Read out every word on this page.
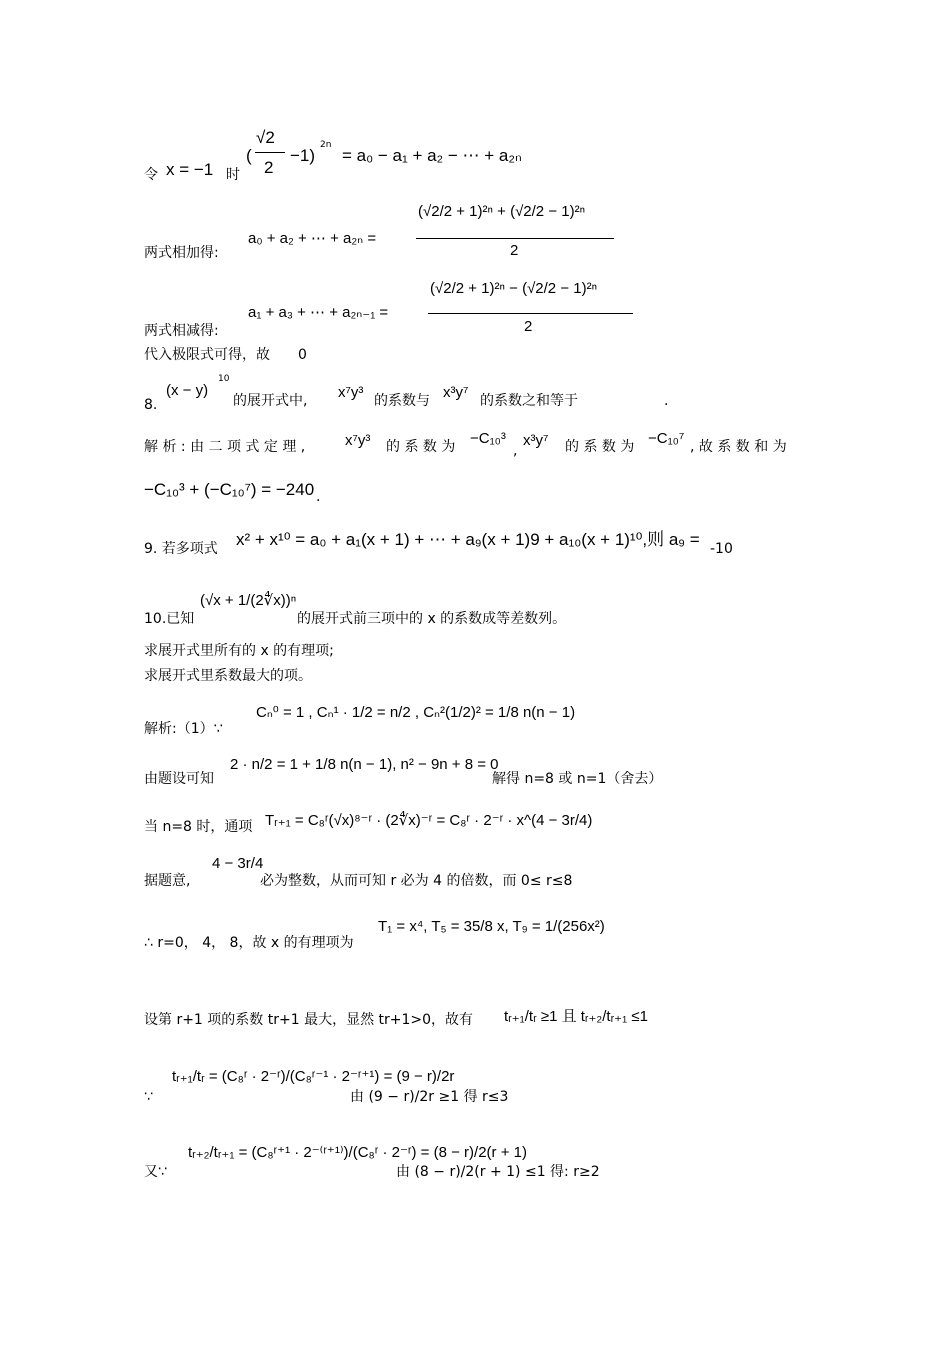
令 x = −1 时
(
√2
2
−1)
2n
= a₀ − a₁ + a₂ − ⋯ + a₂ₙ
两式相加得:
a₀ + a₂ + ⋯ + a₂ₙ =
(√2/2 + 1)²ⁿ + (√2/2 − 1)²ⁿ
2
两式相减得:
a₁ + a₃ + ⋯ + a₂ₙ₋₁ =
(√2/2 + 1)²ⁿ − (√2/2 − 1)²ⁿ
2
代入极限式可得，故 0
8.
(x − y)
10
的展开式中, x⁷y³ 的系数与 x³y⁷ 的系数之和等于	.
解 析 : 由 二 项 式 定 理 ,	x⁷y³ 的 系 数 为 −C₁₀³
,
x³y⁷ 的 系 数 为 −C₁₀⁷ , 故 系 数 和 为
−C₁₀³ + (−C₁₀⁷) = −240 .
9. 若多项式 x² + x¹⁰ = a₀ + a₁(x + 1) + ⋯ + a₉(x + 1)9 + a₁₀(x + 1)¹⁰,则 a₉ = -10
10.已知
(√x + 1/(2∜x))ⁿ
的展开式前三项中的 x 的系数成等差数列。
求展开式里所有的 x 的有理项;
求展开式里系数最大的项。
解析:（1）∵
Cₙ⁰ = 1 , Cₙ¹ · 1/2 = n/2 , Cₙ²(1/2)² = 1/8 n(n − 1)
由题设可知
2 · n/2 = 1 + 1/8 n(n − 1), n² − 9n + 8 = 0
解得 n=8 或 n=1（舍去）
当 n=8 时，通项 Tᵣ₊₁ = C₈ʳ(√x)⁸⁻ʳ · (2∜x)⁻ʳ = C₈ʳ · 2⁻ʳ · x^(4 − 3r/4)
据题意,
4 − 3r/4
必为整数，从而可知 r 必为 4 的倍数，而 0≤ r≤8
∴ r=0， 4， 8，故 x 的有理项为
T₁ = x⁴, T₅ = 35/8 x, T₉ = 1/(256x²)
设第 r+1 项的系数 tr+1 最大，显然 tr+1>0，故有 tᵣ₊₁/tᵣ ≥1 且 tᵣ₊₂/tᵣ₊₁ ≤1
∵
tᵣ₊₁/tᵣ = (C₈ʳ · 2⁻ʳ)/(C₈ʳ⁻¹ · 2⁻ʳ⁺¹) = (9 − r)/2r
由 (9 − r)/2r ≥1 得 r≤3
又∵
tᵣ₊₂/tᵣ₊₁ = (C₈ʳ⁺¹ · 2⁻⁽ʳ⁺¹⁾)/(C₈ʳ · 2⁻ʳ) = (8 − r)/2(r + 1)
由 (8 − r)/2(r + 1) ≤1 得: r≥2
